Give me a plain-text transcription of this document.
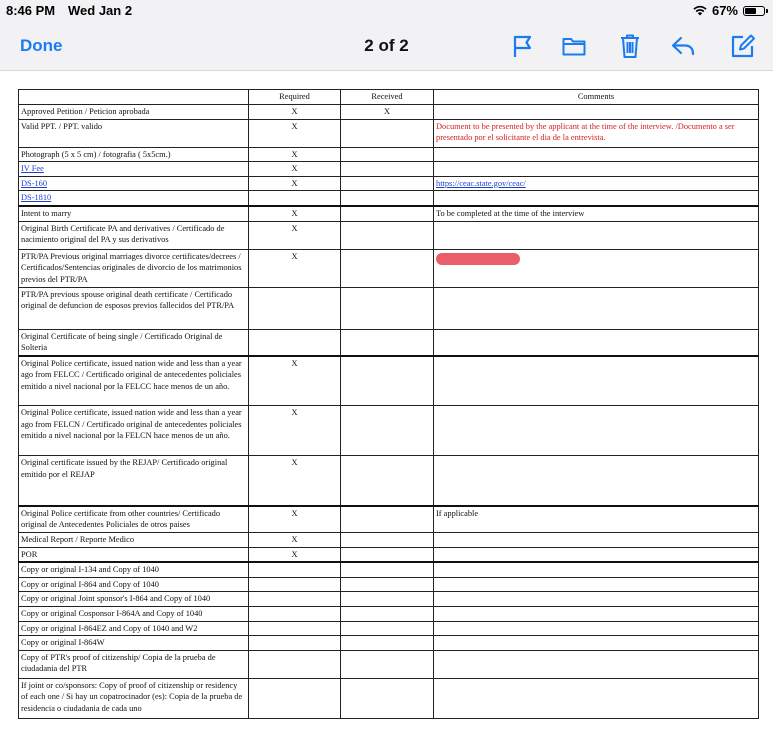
8:46 PM Wed Jan 2	67%
Done	2 of 2
	Required	Received	Comments
Approved Petition / Peticion aprobada	X	X	
Valid PPT. / PPT. valido	X		Document to be presented by the applicant at the time of the interview. /Documento a ser presentado por el solicitante el dia de la entrevista.
Photograph (5 x 5 cm) / fotografia ( 5x5cm.)	X		
IV Fee	X		
DS-160	X		https://ceac.state.gov/ceac/
DS-1810			
Intent to marry	X		To be completed at the time of the interview
Original Birth Certificate PA and derivatives / Certificado de nacimiento original del PA y sus derivativos	X		
PTR/PA Previous original marriages divorce certificates/decrees / Certificados/Sentencias originales de divorcio de los matrimonios previos del PTR/PA	X		

PTR/PA previous spouse original death certificate / Certificado original de defuncion de esposos previos fallecidos del PTR/PA			
Original Certificate of being single / Certificado Original de Solteria			
Original Police certificate, issued nation wide and less than a year ago from FELCC / Certificado original de antecedentes policiales emitido a nivel nacional por la FELCC hace menos de un año.	X		
Original Police certificate, issued nation wide and less than a year ago from FELCN / Certificado original de antecedentes policiales emitido a nivel nacional por la FELCN hace menos de un año.	X		
Original certificate issued by the REJAP/ Certificado original emitido por el REJAP	X		
Original Police certificate from other countries/ Certificado original de Antecedentes Policiales de otros paises	X		If applicable
Medical Report / Reporte Medico	X		
POR	X		
Copy or original I-134 and Copy of 1040			
Copy or original I-864 and Copy of 1040			
Copy or original Joint sponsor's I-864 and Copy of 1040			
Copy or original Cosponsor I-864A and Copy of 1040			
Copy or original I-864EZ and Copy of 1040 and W2			
Copy or original I-864W			
Copy of PTR's proof of citizenship/ Copia de la prueba de ciudadania del PTR			
If joint or co/sponsors: Copy of proof of citizenship or residency of each one / Si hay un copatrocinador (es): Copia de la prueba de residencia o ciudadania de cada uno			
